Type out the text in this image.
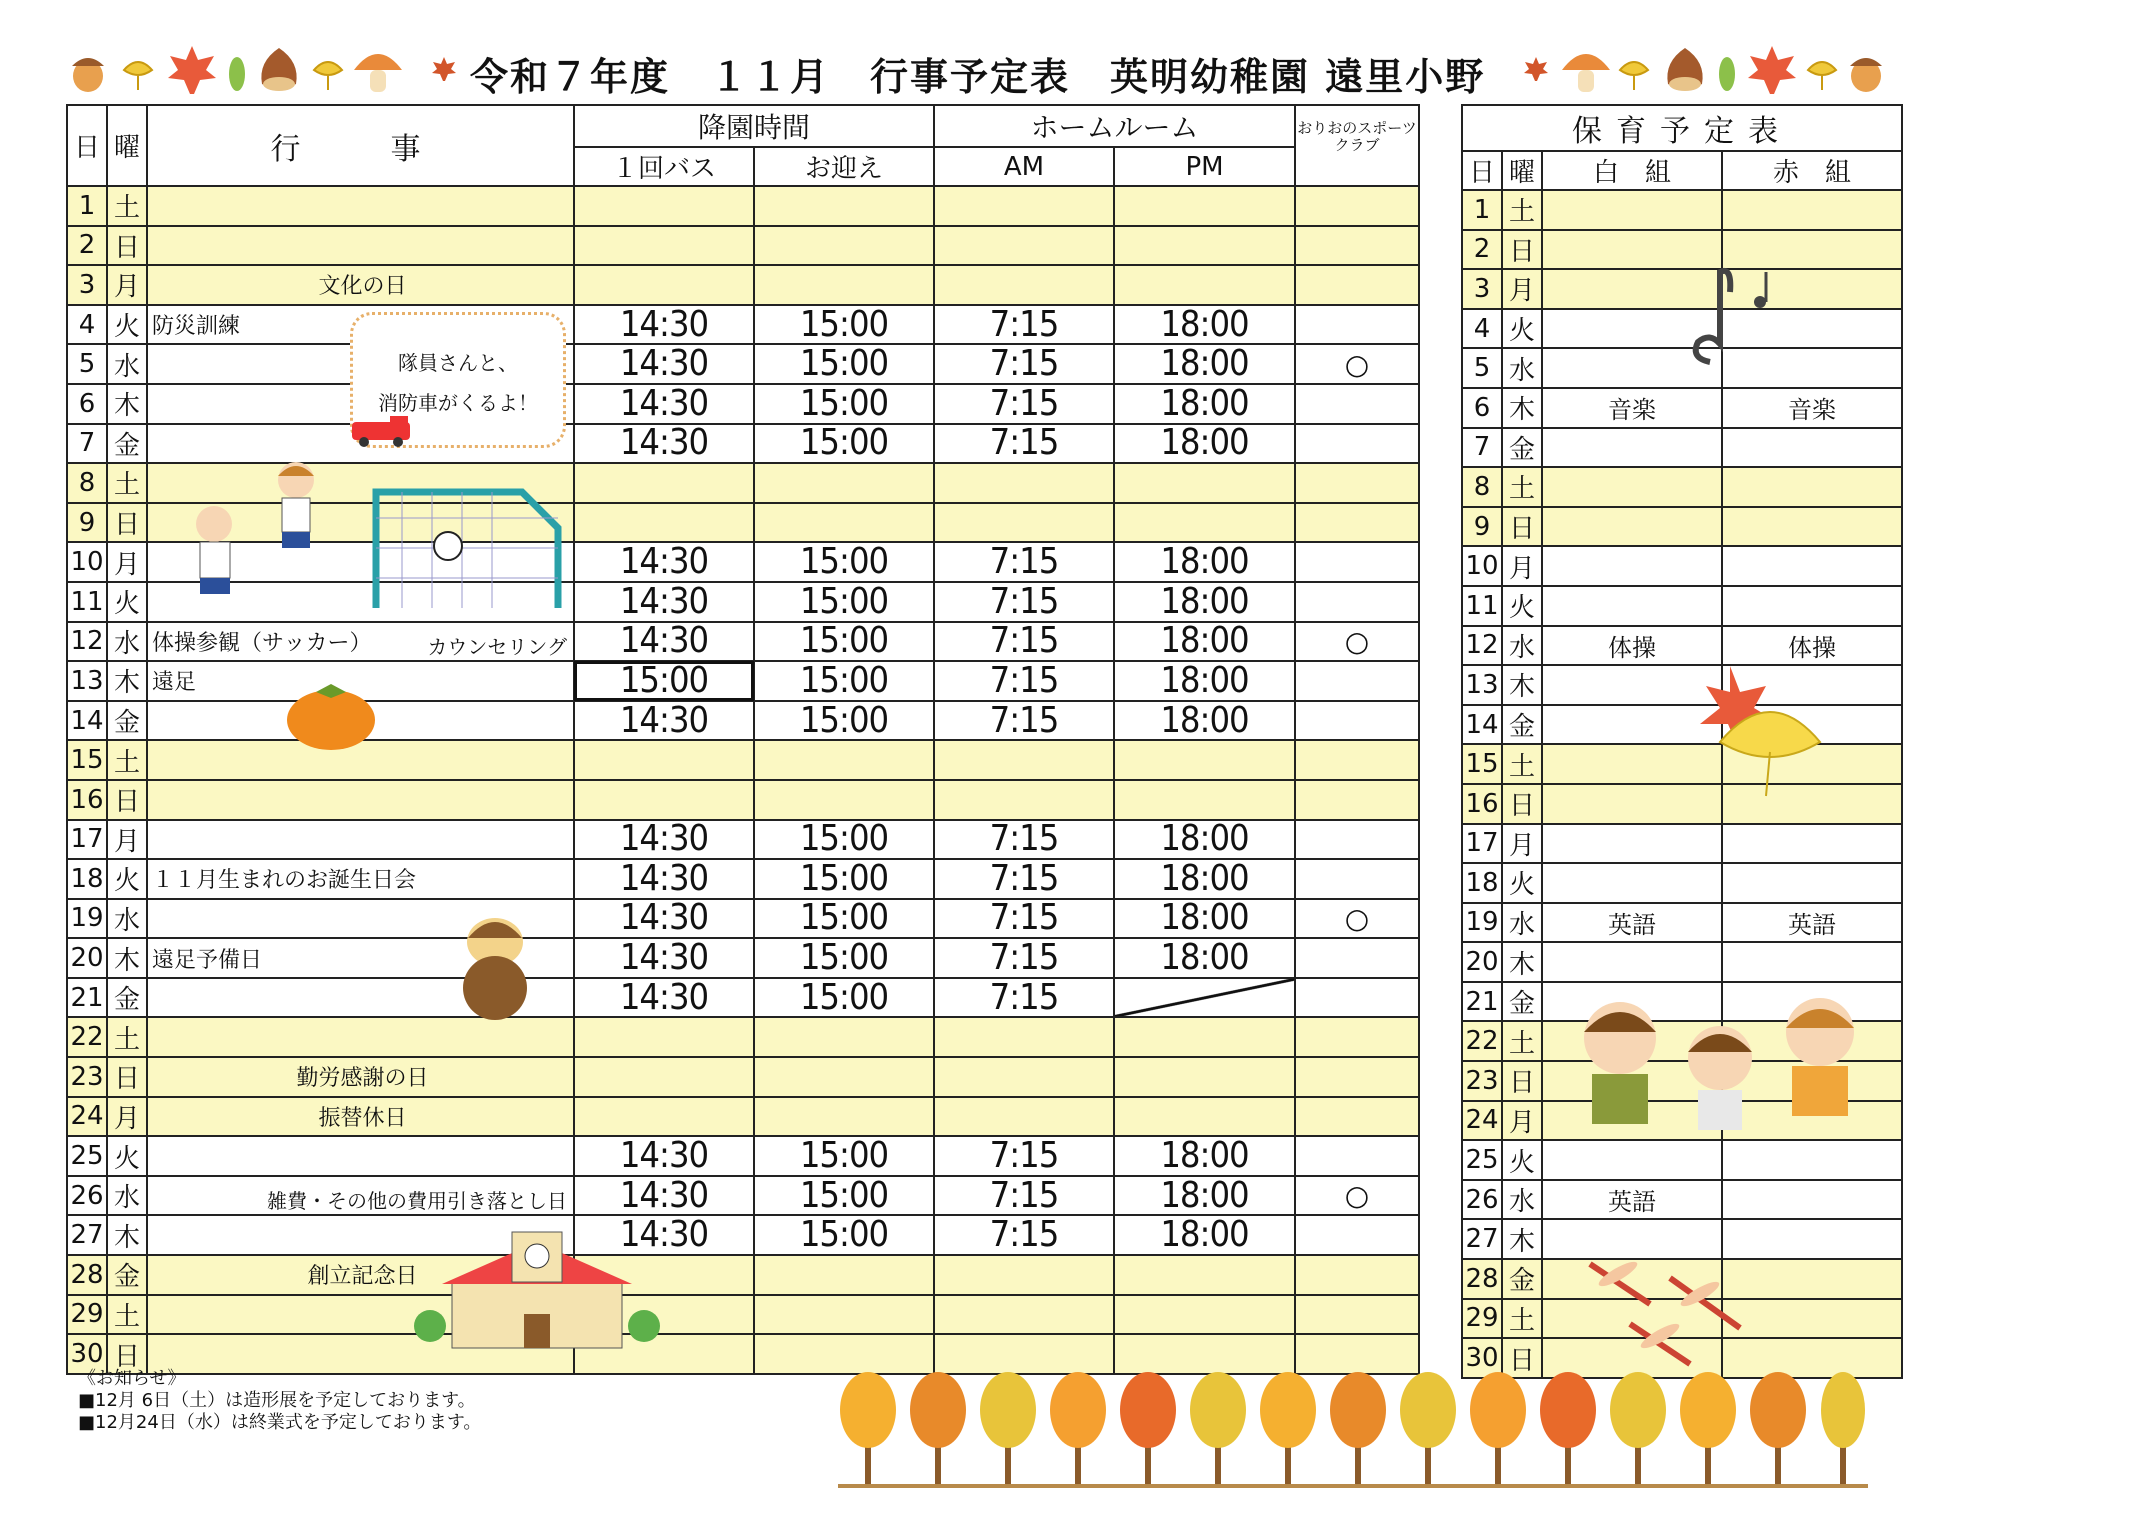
令和７年度　１１月　行事予定表　英明幼稚園 遠里小野
日	曜	行　事	降園時間		ホームルーム		おりおのスポーツクラブ
			１回バス	お迎え	AM	PM	
1	土	

2	日	

3	月	文化の日					

4	火	防災訓練	14:30	15:00	7:15	18:00	
5	水		14:30	15:00	7:15	18:00	○
6	木		14:30	15:00	7:15	18:00	
7	金		14:30	15:00	7:15	18:00	
8	土	

9	日	

10	月		14:30	15:00	7:15	18:00	
11	火		14:30	15:00	7:15	18:00	
12	水	体操参観（サッカー） カウンセリング	14:30	15:00	7:15	18:00	○
13	木	遠足	15:00	15:00	7:15	18:00	
14	金		14:30	15:00	7:15	18:00	
15	土	

16	日	

17	月		14:30	15:00	7:15	18:00	
18	火	１１月生まれのお誕生日会	14:30	15:00	7:15	18:00	
19	水		14:30	15:00	7:15	18:00	○
20	木	遠足予備日	14:30	15:00	7:15	18:00	
21	金		14:30	15:00	7:15		
22	土	

23	日	勤労感謝の日					

24	月	振替休日					

25	火		14:30	15:00	7:15	18:00	
26	水	雑費・その他の費用引き落とし日	14:30	15:00	7:15	18:00	○
27	木		14:30	15:00	7:15	18:00	
28	金	創立記念日					

29	土	

30	日	

保育予定表			
日	曜	白　組	赤　組
1	土		
2	日		
3	月		
4	火		
5	水		
6	木	音楽	音楽
7	金		
8	土		
9	日		
10	月		
11	火		
12	水	体操	体操
13	木		
14	金		
15	土		
16	日		
17	月		
18	火		
19	水	英語	英語
20	木		
21	金		
22	土		
23	日		
24	月		
25	火		
26	水	英語	
27	木		
28	金		
29	土		
30	日		
隊員さんと、
消防車がくるよ！
《お知らせ》
■12月 6日（土）は造形展を予定しております。
■12月24日（水）は終業式を予定しております。
